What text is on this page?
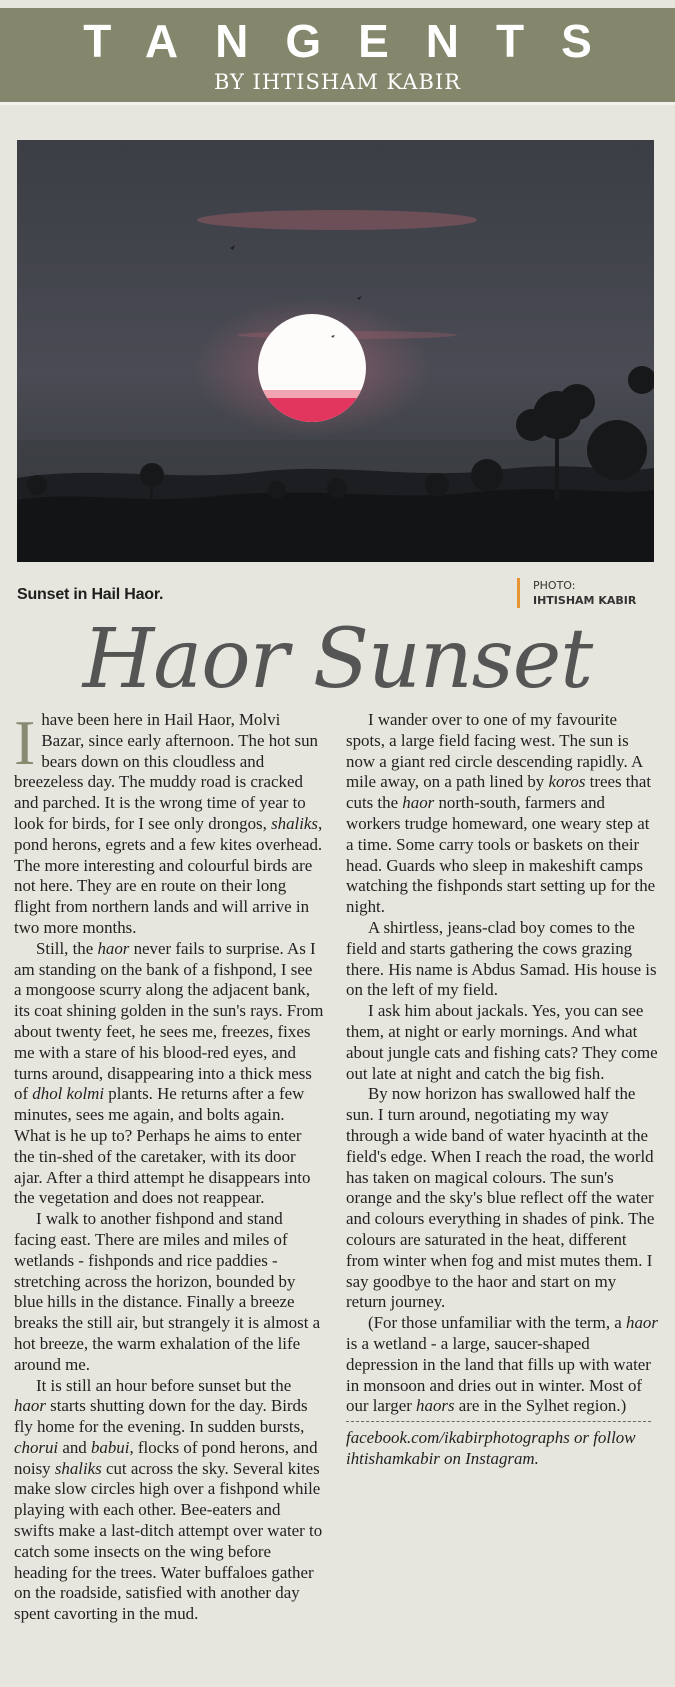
TANGENTS
BY IHTISHAM KABIR
Sunset in Hail Haor.
PHOTO:
IHTISHAM KABIR
Haor Sunset

Ihave been here in Hail Haor, Molvi Bazar, since early afternoon. The hot sun bears down on this cloudless and breezeless day. The muddy road is cracked and parched. It is the wrong time of year to look for birds, for I see only drongos, shaliks, pond herons, egrets and a few kites overhead. The more interesting and colourful birds are not here. They are en route on their long flight from northern lands and will arrive in two more months.

Still, the haor never fails to surprise. As I am standing on the bank of a fishpond, I see a mongoose scurry along the adjacent bank, its coat shining golden in the sun's rays. From about twenty feet, he sees me, freezes, fixes me with a stare of his blood-red eyes, and turns around, disappearing into a thick mess of dhol kolmi plants. He returns after a few minutes, sees me again, and bolts again. What is he up to? Perhaps he aims to enter the tin-shed of the caretaker, with its door ajar. After a third attempt he disappears into the vegetation and does not reappear.

I walk to another fishpond and stand facing east. There are miles and miles of wetlands - fishponds and rice paddies - stretching across the horizon, bounded by blue hills in the distance. Finally a breeze breaks the still air, but strangely it is almost a hot breeze, the warm exhalation of the life around me.

It is still an hour before sunset but the haor starts shutting down for the day. Birds fly home for the evening. In sudden bursts, chorui and babui, flocks of pond herons, and noisy shaliks cut across the sky. Several kites make slow circles high over a fishpond while playing with each other. Bee-eaters and swifts make a last-ditch attempt over water to catch some insects on the wing before heading for the trees. Water buffaloes gather on the roadside, satisfied with another day spent cavorting in the mud.

I wander over to one of my favourite spots, a large field facing west. The sun is now a giant red circle descending rapidly. A mile away, on a path lined by koros trees that cuts the haor north-south, farmers and workers trudge homeward, one weary step at a time. Some carry tools or baskets on their head. Guards who sleep in makeshift camps watching the fishponds start setting up for the night.

A shirtless, jeans-clad boy comes to the field and starts gathering the cows grazing there. His name is Abdus Samad. His house is on the left of my field.

I ask him about jackals. Yes, you can see them, at night or early mornings. And what about jungle cats and fishing cats? They come out late at night and catch the big fish.

By now horizon has swallowed half the sun. I turn around, negotiating my way through a wide band of water hyacinth at the field's edge. When I reach the road, the world has taken on magical colours. The sun's orange and the sky's blue reflect off the water and colours everything in shades of pink. The colours are saturated in the heat, different from winter when fog and mist mutes them. I say goodbye to the haor and start on my return journey.

(For those unfamiliar with the term, a haor is a wetland - a large, saucer-shaped depression in the land that fills up with water in monsoon and dries out in winter. Most of our larger haors are in the Sylhet region.)

facebook.com/ikabirphotographs or follow ihtishamkabir on Instagram.
